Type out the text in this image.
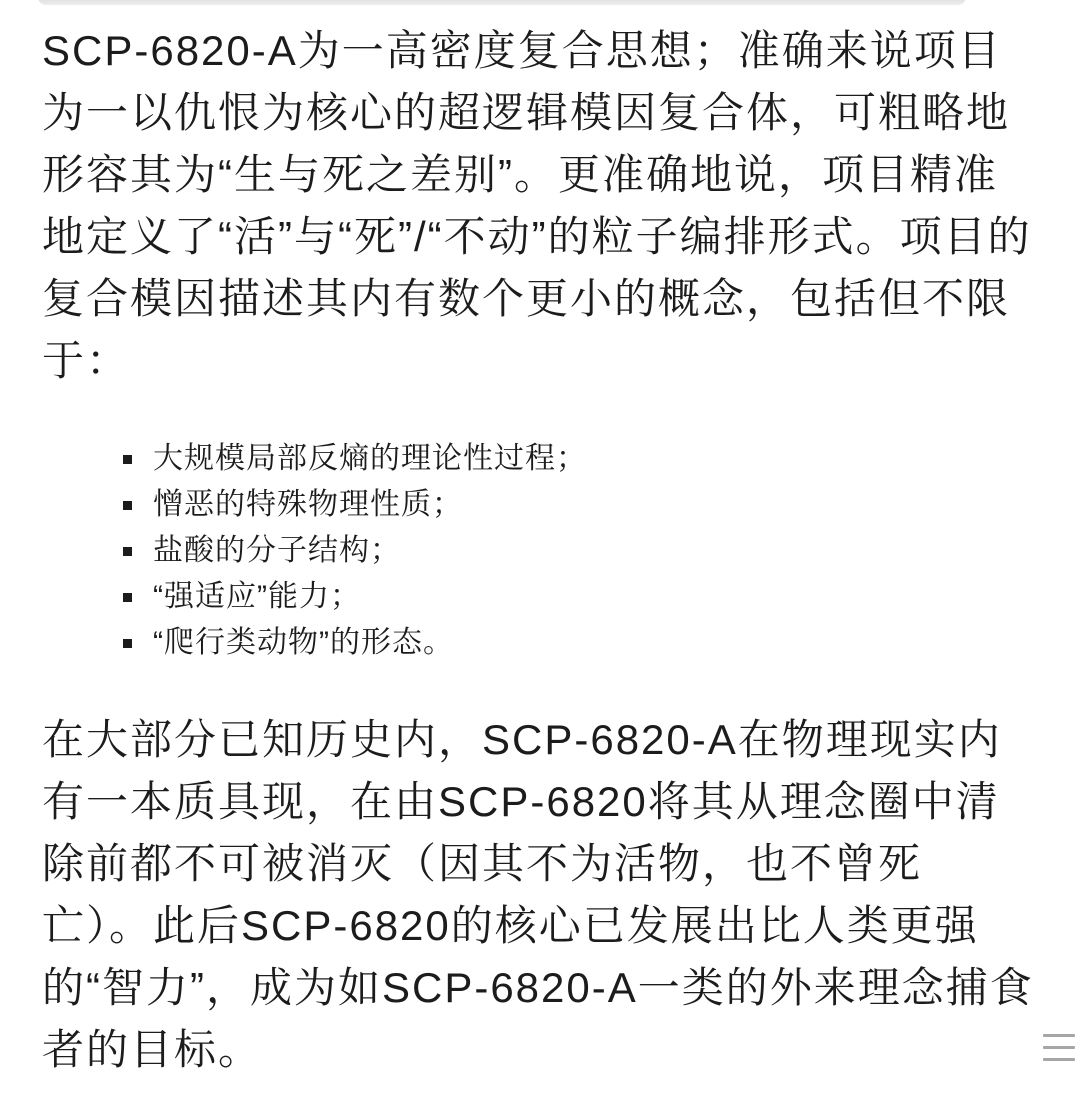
SCP-6820-A为一高密度复合思想；准确来说项目
为一以仇恨为核心的超逻辑模因复合体，可粗略地
形容其为“生与死之差别”。更准确地说，项目精准
地定义了“活”与“死”/“不动”的粒子编排形式。项目的
复合模因描述其内有数个更小的概念，包括但不限
于：
大规模局部反熵的理论性过程；
憎恶的特殊物理性质；
盐酸的分子结构；
“强适应”能力；
“爬行类动物”的形态。
在大部分已知历史内，SCP-6820-A在物理现实内
有一本质具现，在由SCP-6820将其从理念圈中清
除前都不可被消灭（因其不为活物，也不曾死
亡）。此后SCP-6820的核心已发展出比人类更强
的“智力”，成为如SCP-6820-A一类的外来理念捕食
者的目标。
